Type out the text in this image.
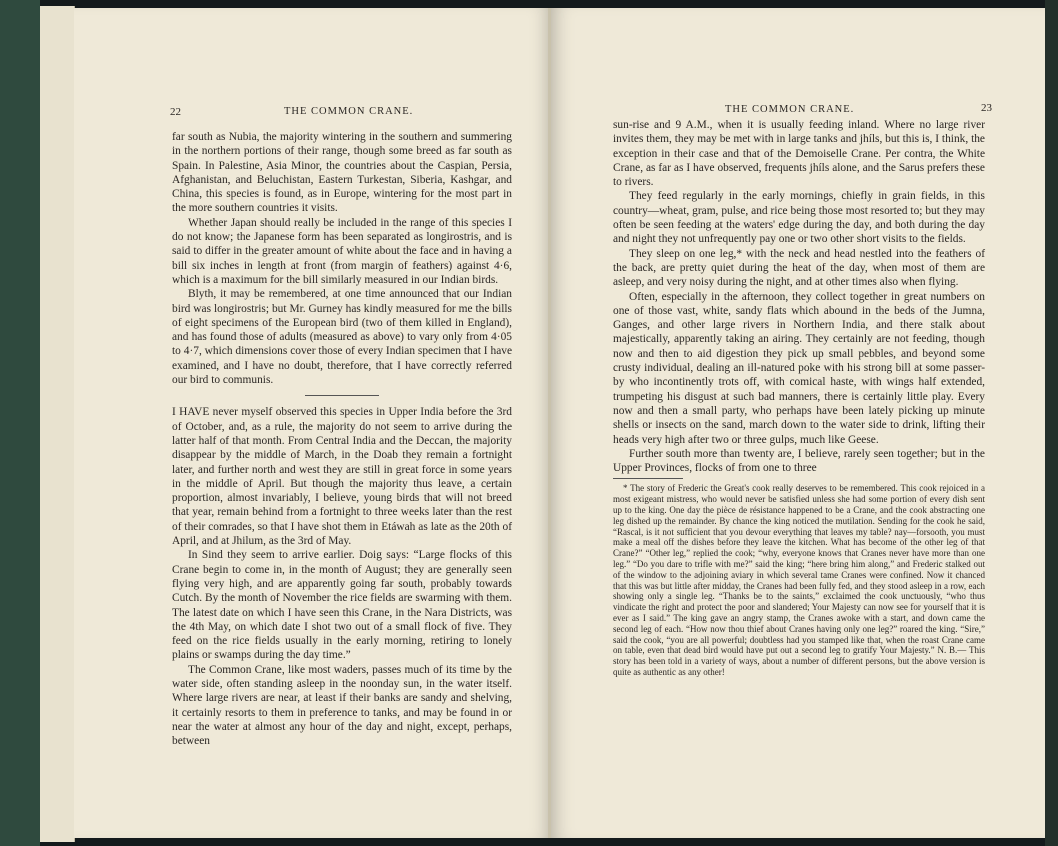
22	THE COMMON CRANE.

far south as Nubia, the majority wintering in the southern and summering in the northern portions of their range, though some breed as far south as Spain. In Palestine, Asia Minor, the countries about the Caspian, Persia, Afghanistan, and Beluchistan, Eastern Turkestan, Siberia, Kashgar, and China, this species is found, as in Europe, wintering for the most part in the more southern countries it visits.

Whether Japan should really be included in the range of this species I do not know; the Japanese form has been separated as longirostris, and is said to differ in the greater amount of white about the face and in having a bill six inches in length at front (from margin of feathers) against 4·6, which is a maximum for the bill similarly measured in our Indian birds.

Blyth, it may be remembered, at one time announced that our Indian bird was longirostris; but Mr. Gurney has kindly measured for me the bills of eight specimens of the European bird (two of them killed in England), and has found those of adults (measured as above) to vary only from 4·05 to 4·7, which dimensions cover those of every Indian specimen that I have examined, and I have no doubt, therefore, that I have correctly referred our bird to communis.

I HAVE never myself observed this species in Upper India before the 3rd of October, and, as a rule, the majority do not seem to arrive during the latter half of that month. From Central India and the Deccan, the majority disappear by the middle of March, in the Doab they remain a fortnight later, and further north and west they are still in great force in some years in the middle of April. But though the majority thus leave, a certain proportion, almost invariably, I believe, young birds that will not breed that year, remain behind from a fortnight to three weeks later than the rest of their comrades, so that I have shot them in Etáwah as late as the 20th of April, and at Jhilum, as the 3rd of May.

In Sind they seem to arrive earlier. Doig says: “Large flocks of this Crane begin to come in, in the month of August; they are generally seen flying very high, and are apparently going far south, probably towards Cutch. By the month of November the rice fields are swarming with them. The latest date on which I have seen this Crane, in the Nara Districts, was the 4th May, on which date I shot two out of a small flock of five. They feed on the rice fields usually in the early morning, retiring to lonely plains or swamps during the day time.”

The Common Crane, like most waders, passes much of its time by the water side, often standing asleep in the noonday sun, in the water itself. Where large rivers are near, at least if their banks are sandy and shelving, it certainly resorts to them in preference to tanks, and may be found in or near the water at almost any hour of the day and night, except, perhaps, between

THE COMMON CRANE.	23

sun-rise and 9 A.M., when it is usually feeding inland. Where no large river invites them, they may be met with in large tanks and jhíls, but this is, I think, the exception in their case and that of the Demoiselle Crane. Per contra, the White Crane, as far as I have observed, frequents jhíls alone, and the Sarus prefers these to rivers.

They feed regularly in the early mornings, chiefly in grain fields, in this country—wheat, gram, pulse, and rice being those most resorted to; but they may often be seen feeding at the waters' edge during the day, and both during the day and night they not unfrequently pay one or two other short visits to the fields.

They sleep on one leg,* with the neck and head nestled into the feathers of the back, are pretty quiet during the heat of the day, when most of them are asleep, and very noisy during the night, and at other times also when flying.

Often, especially in the afternoon, they collect together in great numbers on one of those vast, white, sandy flats which abound in the beds of the Jumna, Ganges, and other large rivers in Northern India, and there stalk about majestically, apparently taking an airing. They certainly are not feeding, though now and then to aid digestion they pick up small pebbles, and beyond some crusty individual, dealing an ill-natured poke with his strong bill at some passer-by who incontinently trots off, with comical haste, with wings half extended, trumpeting his disgust at such bad manners, there is certainly little play. Every now and then a small party, who perhaps have been lately picking up minute shells or insects on the sand, march down to the water side to drink, lifting their heads very high after two or three gulps, much like Geese.

Further south more than twenty are, I believe, rarely seen together; but in the Upper Provinces, flocks of from one to three

* The story of Frederic the Great's cook really deserves to be remembered. This cook rejoiced in a most exigeant mistress, who would never be satisfied unless she had some portion of every dish sent up to the king. One day the pièce de résistance happened to be a Crane, and the cook abstracting one leg dished up the remainder. By chance the king noticed the mutilation. Sending for the cook he said, “Rascal, is it not sufficient that you devour everything that leaves my table? nay—forsooth, you must make a meal off the dishes before they leave the kitchen. What has become of the other leg of that Crane?” “Other leg,” replied the cook; “why, everyone knows that Cranes never have more than one leg.” “Do you dare to trifle with me?” said the king; “here bring him along,” and Frederic stalked out of the window to the adjoining aviary in which several tame Cranes were confined. Now it chanced that this was but little after midday, the Cranes had been fully fed, and they stood asleep in a row, each showing only a single leg. “Thanks be to the saints,” exclaimed the cook unctuously, “who thus vindicate the right and protect the poor and slandered; Your Majesty can now see for yourself that it is ever as I said.” The king gave an angry stamp, the Cranes awoke with a start, and down came the second leg of each. “How now thou thief about Cranes having only one leg?” roared the king. “Sire,” said the cook, “you are all powerful; doubtless had you stamped like that, when the roast Crane came on table, even that dead bird would have put out a second leg to gratify Your Majesty.” N. B.— This story has been told in a variety of ways, about a number of different persons, but the above version is quite as authentic as any other!
